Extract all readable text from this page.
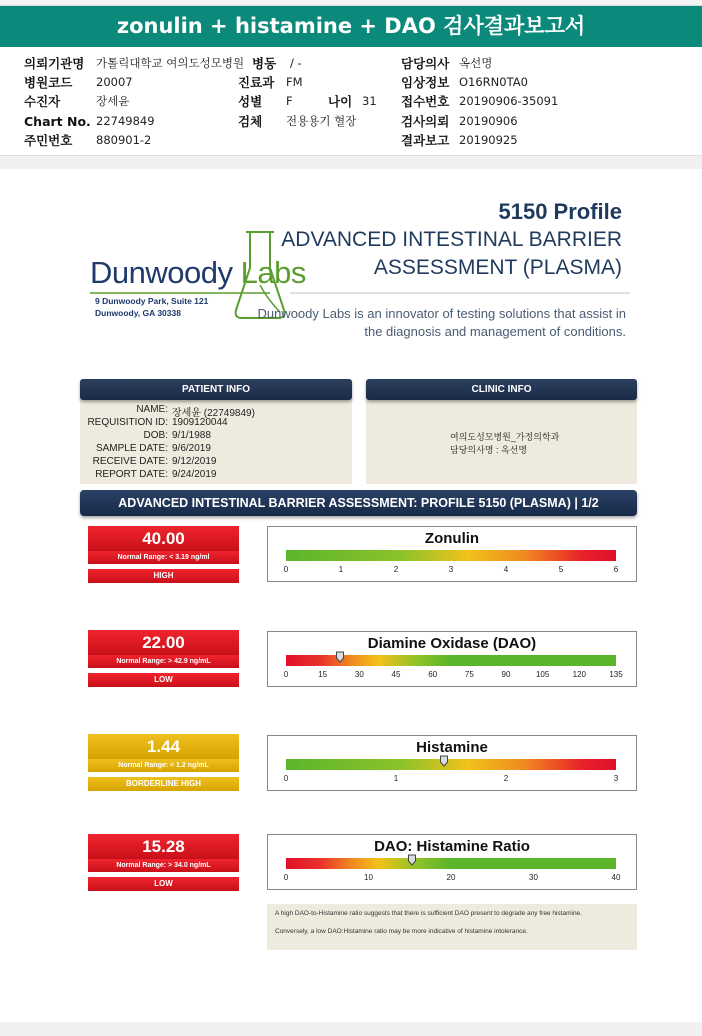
zonulin + histamine + DAO 검사결과보고서
의뢰기관명 가톨릭대학교 여의도성모병원
병원코드 20007
수진자	장세윤
Chart No. 22749849
주민번호 880901-2
병동 / -
진료과 FM
성별 F	나이 31
검체 전용용기 혈장
담당의사 옥선명
임상정보 O16RN0TA0
접수번호 20190906-35091
검사의뢰 20190906
결과보고 20190925
5150 Profile
ADVANCED INTESTINAL BARRIER
ASSESSMENT (PLASMA)
Dunwoody Labs
9 Dunwoody Park, Suite 121
Dunwoody, GA 30338	Dunwoody Labs is an innovator of testing solutions that assist in
the diagnosis and management of conditions.
PATIENT INFO
NAME: 장세윤 (22749849)
REQUISITION ID: 1909120044
DOB: 9/1/1988
SAMPLE DATE: 9/6/2019
RECEIVE DATE: 9/12/2019
REPORT DATE: 9/24/2019
CLINIC INFO
여의도성모병원_가정의학과
담당의사명 : 옥선명
ADVANCED INTESTINAL BARRIER ASSESSMENT: PROFILE 5150 (PLASMA) | 1/2
40.00
Normal Range: < 3.19 ng/ml
HIGH
Zonulin
0	1	2	3	4	5	6
22.00
Normal Range: > 42.9 ng/mL
LOW
Diamine Oxidase (DAO)
0	15	30	45	60	75	90	105	120	135
1.44
Normal Range: < 1.2 ng/mL
BORDERLINE HIGH
Histamine
0	1	2	3
15.28
Normal Range: > 34.0 ng/mL
LOW
DAO: Histamine Ratio
0	10	20	30	40
A high DAO-to-Histamine ratio suggests that there is sufficient DAO present to degrade any free histamine.
Conversely, a low DAO:Histamine ratio may be more indicative of histamine intolerance.
